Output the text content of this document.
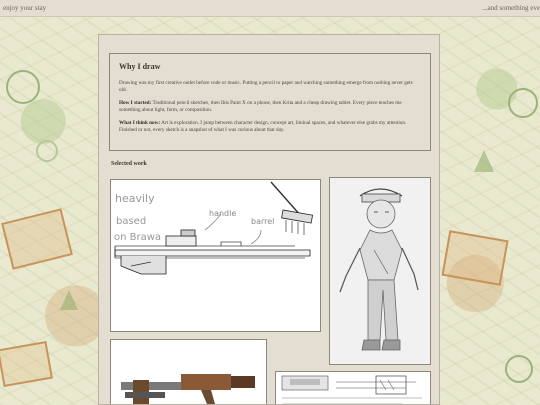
enjoy your stay	...and something eve
Why I draw

Drawing was my first creative outlet before code or music. Putting a pencil to paper and watching something emerge from nothing never gets old.

How I started: Traditional pencil sketches, then Ibis Paint X on a phone, then Krita and a cheap drawing tablet. Every piece teaches me something about light, form, or composition.

What I think now: Art is exploration. I jump between character design, concept art, liminal spaces, and whatever else grabs my attention. Finished or not, every sketch is a snapshot of what I was curious about that day.

Selected work
heavily
based
on Brawa
handle
barrel
